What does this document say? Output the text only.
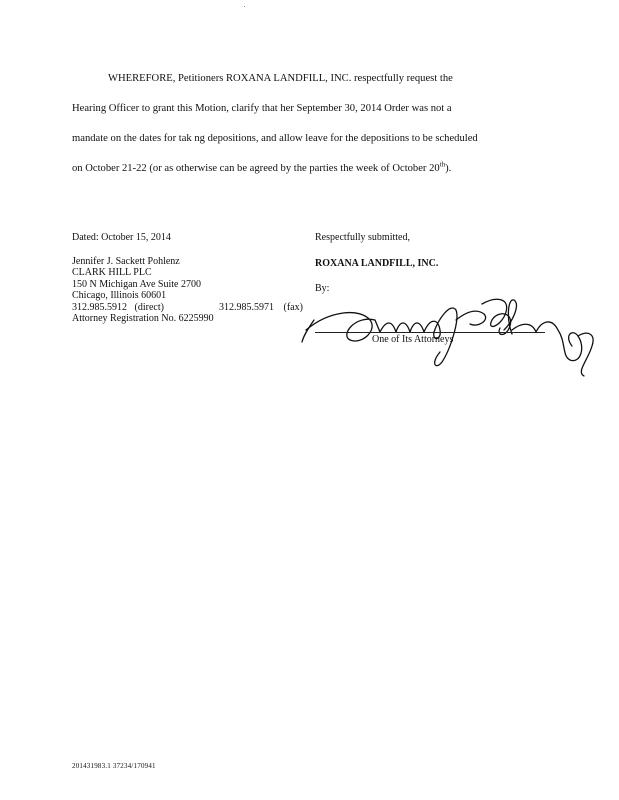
WHEREFORE, Petitioners ROXANA LANDFILL, INC. respectfully request the
Hearing Officer to grant this Motion, clarify that her September 30, 2014 Order was not a
mandate on the dates for tak ng depositions, and allow leave for the depositions to be scheduled
on October 21-22 (or as otherwise can be agreed by the parties the week of October 20th).
Dated: October 15, 2014	Respectfully submitted,
Jennifer J. Sackett Pohlenz
CLARK HILL PLC
150 N Michigan Ave Suite 2700
Chicago, Illinois 60601
312.985.5912 (direct)	312.985.5971 (fax)
Attorney Registration No. 6225990
ROXANA LANDFILL, INC.
By:
One of Its Attorneys
201431983.1 37234/170941
